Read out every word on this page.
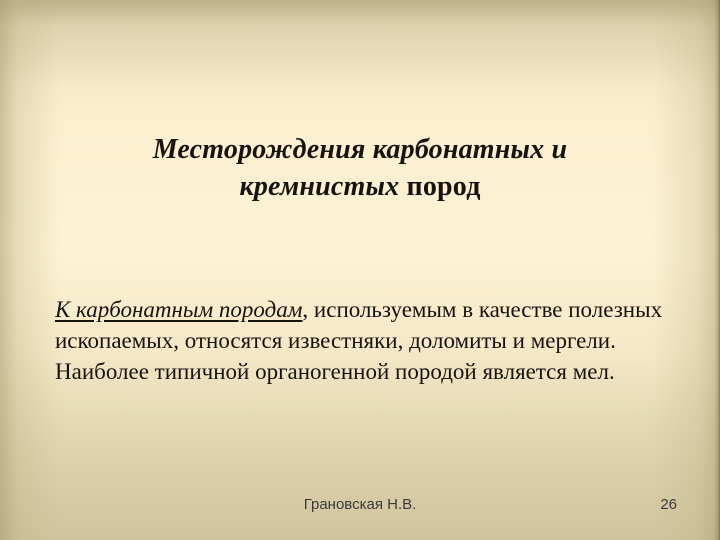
Месторождения карбонатных и
кремнистых пород
К карбонатным породам, используемым в качестве полезных
ископаемых, относятся известняки, доломиты и мергели.
Наиболее типичной органогенной породой является мел.
Грановская Н.В.	26
